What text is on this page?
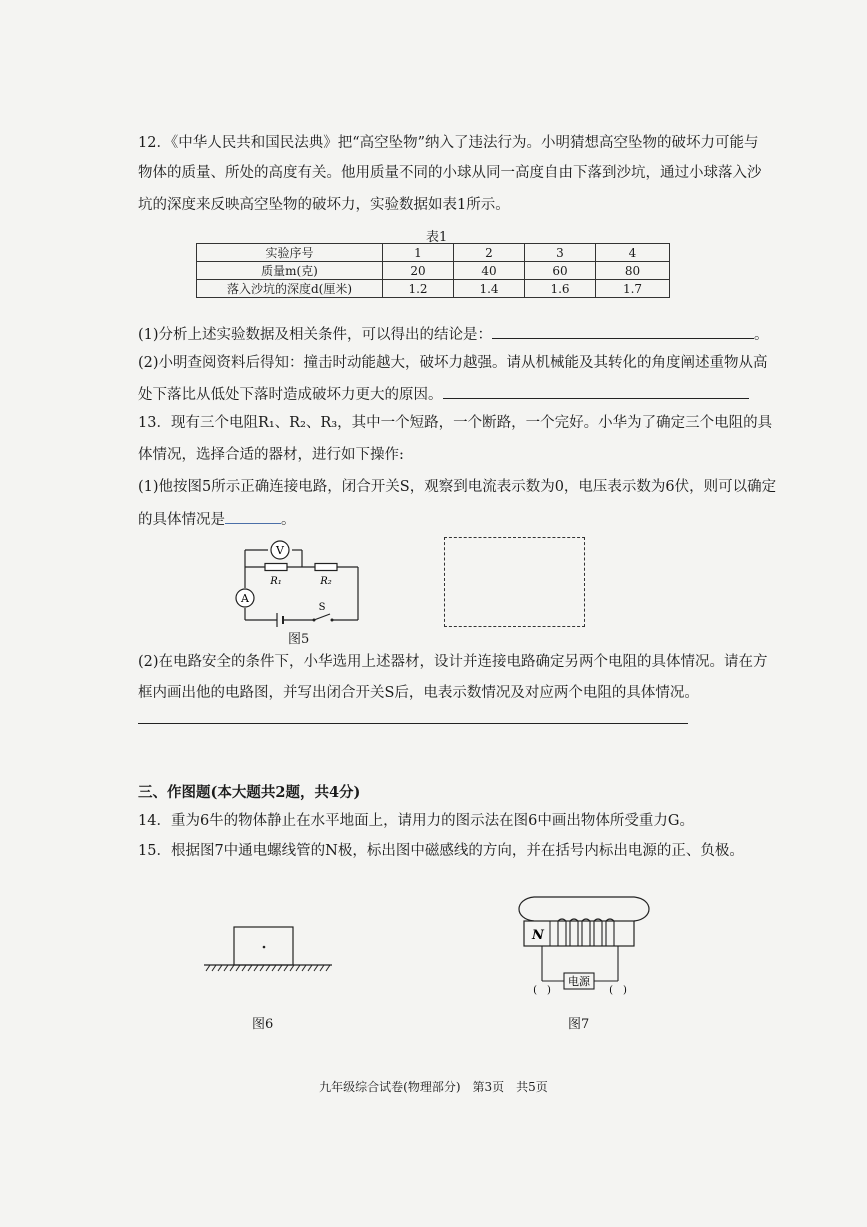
12．《中华人民共和国民法典》把“高空坠物”纳入了违法行为。小明猜想高空坠物的破坏力可能与
物体的质量、所处的高度有关。他用质量不同的小球从同一高度自由下落到沙坑，通过小球落入沙
坑的深度来反映高空坠物的破坏力，实验数据如表1所示。
表1
实验序号	1	2	3	4
质量m(克)	20	40	60	80
落入沙坑的深度d(厘米)	1.2	1.4	1.6	1.7
(1)分析上述实验数据及相关条件，可以得出的结论是：	。
(2)小明查阅资料后得知：撞击时动能越大，破坏力越强。请从机械能及其转化的角度阐述重物从高
处下落比从低处下落时造成破坏力更大的原因。
13．现有三个电阻R₁、R₂、R₃，其中一个短路，一个断路，一个完好。小华为了确定三个电阻的具
体情况，选择合适的器材，进行如下操作:
(1)他按图5所示正确连接电路，闭合开关S，观察到电流表示数为0，电压表示数为6伏，则可以确定
的具体情况是	。
V
A
R₁	R₂
S
图5
(2)在电路安全的条件下，小华选用上述器材，设计并连接电路确定另两个电阻的具体情况。请在方
框内画出他的电路图，并写出闭合开关S后，电表示数情况及对应两个电阻的具体情况。
三、作图题(本大题共2题，共4分)
14．重为6牛的物体静止在水平地面上，请用力的图示法在图6中画出物体所受重力G。
15．根据图7中通电螺线管的N极，标出图中磁感线的方向，并在括号内标出电源的正、负极。
图6
N
电源
(　)	(　)
图7
九年级综合试卷(物理部分)　第3页　共5页
